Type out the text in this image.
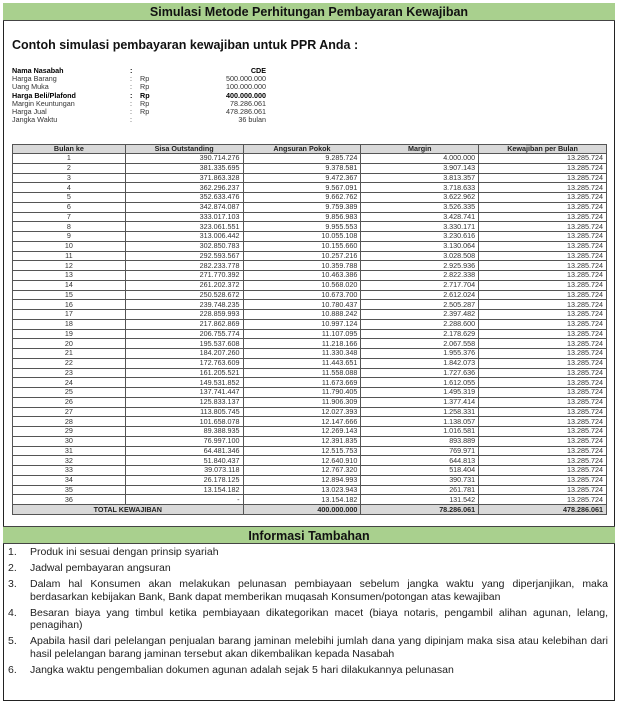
Simulasi Metode Perhitungan Pembayaran Kewajiban
Contoh simulasi pembayaran kewajiban untuk PPR Anda :
Nama Nasabah	:	CDE
Harga Barang	:	Rp	500.000.000
Uang Muka	:	Rp	100.000.000
Harga Beli/Plafond	:	Rp	400.000.000
Margin Keuntungan	:	Rp	78.286.061
Harga Jual	:	Rp	478.286.061
Jangka Waktu	:	36 bulan
Bulan ke	Sisa Outstanding	Angsuran Pokok	Margin	Kewajiban per Bulan
1	390.714.276	9.285.724	4.000.000	13.285.724
2	381.335.695	9.378.581	3.907.143	13.285.724
3	371.863.328	9.472.367	3.813.357	13.285.724
4	362.296.237	9.567.091	3.718.633	13.285.724
5	352.633.476	9.662.762	3.622.962	13.285.724
6	342.874.087	9.759.389	3.526.335	13.285.724
7	333.017.103	9.856.983	3.428.741	13.285.724
8	323.061.551	9.955.553	3.330.171	13.285.724
9	313.006.442	10.055.108	3.230.616	13.285.724
10	302.850.783	10.155.660	3.130.064	13.285.724
11	292.593.567	10.257.216	3.028.508	13.285.724
12	282.233.778	10.359.788	2.925.936	13.285.724
13	271.770.392	10.463.386	2.822.338	13.285.724
14	261.202.372	10.568.020	2.717.704	13.285.724
15	250.528.672	10.673.700	2.612.024	13.285.724
16	239.748.235	10.780.437	2.505.287	13.285.724
17	228.859.993	10.888.242	2.397.482	13.285.724
18	217.862.869	10.997.124	2.288.600	13.285.724
19	206.755.774	11.107.095	2.178.629	13.285.724
20	195.537.608	11.218.166	2.067.558	13.285.724
21	184.207.260	11.330.348	1.955.376	13.285.724
22	172.763.609	11.443.651	1.842.073	13.285.724
23	161.205.521	11.558.088	1.727.636	13.285.724
24	149.531.852	11.673.669	1.612.055	13.285.724
25	137.741.447	11.790.405	1.495.319	13.285.724
26	125.833.137	11.906.309	1.377.414	13.285.724
27	113.805.745	12.027.393	1.258.331	13.285.724
28	101.658.078	12.147.666	1.138.057	13.285.724
29	89.388.935	12.269.143	1.016.581	13.285.724
30	76.997.100	12.391.835	893.889	13.285.724
31	64.481.346	12.515.753	769.971	13.285.724
32	51.840.437	12.640.910	644.813	13.285.724
33	39.073.118	12.767.320	518.404	13.285.724
34	26.178.125	12.894.993	390.731	13.285.724
35	13.154.182	13.023.943	261.781	13.285.724
36	-	13.154.182	131.542	13.285.724
TOTAL KEWAJIBAN		400.000.000	78.286.061	478.286.061
Informasi Tambahan
1.	Produk ini sesuai dengan prinsip syariah
2.	Jadwal pembayaran angsuran
3.	Dalam hal Konsumen akan melakukan pelunasan pembiayaan sebelum jangka waktu yang diperjanjikan, maka berdasarkan kebijakan Bank, Bank dapat memberikan muqasah Konsumen/potongan atas kewajiban
4.	Besaran biaya yang timbul ketika pembiayaan dikategorikan macet (biaya notaris, pengambil alihan agunan, lelang, penagihan)
5.	Apabila hasil dari pelelangan penjualan barang jaminan melebihi jumlah dana yang dipinjam maka sisa atau kelebihan dari hasil pelelangan barang jaminan tersebut akan dikembalikan kepada Nasabah
6.	Jangka waktu pengembalian dokumen agunan adalah sejak 5 hari dilakukannya pelunasan
